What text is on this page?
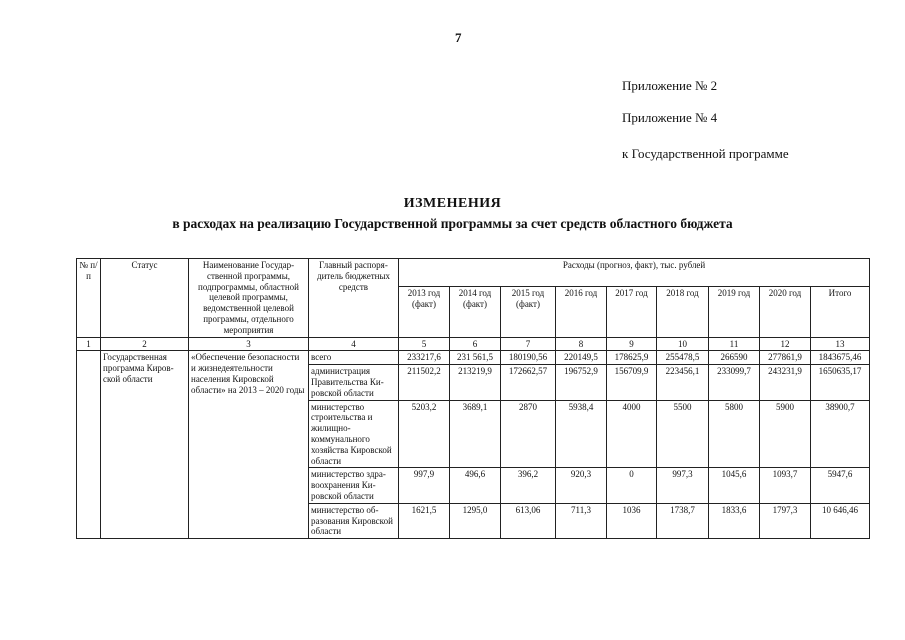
7
Приложение № 2
Приложение № 4
к Государственной программе
ИЗМЕНЕНИЯ
в расходах на реализацию Государственной программы за счет средств областного бюджета
№ п/п	Статус	Наименование Государственной программы, подпрограммы, областной целевой программы, ведомственной целевой программы, отдельного мероприятия	Главный распорядитель бюджетных средств	Расходы (прогноз, факт), тыс. рублей								
				2013 год (факт)	2014 год (факт)	2015 год (факт)	2016 год	2017 год	2018 год	2019 год	2020 год	Итого
1	2	3	4	5	6	7	8	9	10	11	12	13
	Государственная программа Кировской области	«Обеспечение безопасности и жизнедеятельности населения Кировской области» на 2013 – 2020 годы	всего	233217,6	231 561,5	180190,56	220149,5	178625,9	255478,5	266590	277861,9	1843675,46
			администрация Правительства Кировской области	211502,2	213219,9	172662,57	196752,9	156709,9	223456,1	233099,7	243231,9	1650635,17
			министерство строительства и жилищно-коммунального хозяйства Кировской области	5203,2	3689,1	2870	5938,4	4000	5500	5800	5900	38900,7
			министерство здравоохранения Кировской области	997,9	496,6	396,2	920,3	0	997,3	1045,6	1093,7	5947,6
			министерство образования Кировской области	1621,5	1295,0	613,06	711,3	1036	1738,7	1833,6	1797,3	10 646,46
